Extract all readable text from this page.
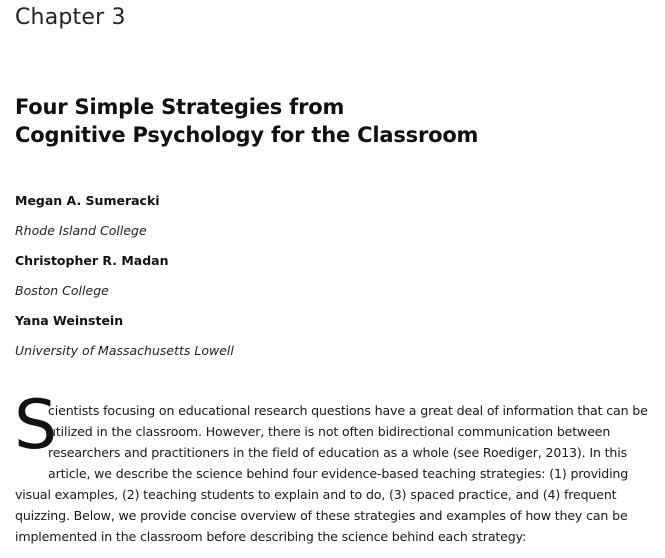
Chapter 3
Four Simple Strategies from
Cognitive Psychology for the Classroom
Megan A. Sumeracki
Rhode Island College
Christopher R. Madan
Boston College
Yana Weinstein
University of Massachusetts Lowell
S
cientists focusing on educational research questions have a great deal of information that can be
utilized in the classroom. However, there is not often bidirectional communication between
researchers and practitioners in the field of education as a whole (see Roediger, 2013). In this
article, we describe the science behind four evidence-based teaching strategies: (1) providing
visual examples, (2) teaching students to explain and to do, (3) spaced practice, and (4) frequent
quizzing. Below, we provide concise overview of these strategies and examples of how they can be
implemented in the classroom before describing the science behind each strategy:
